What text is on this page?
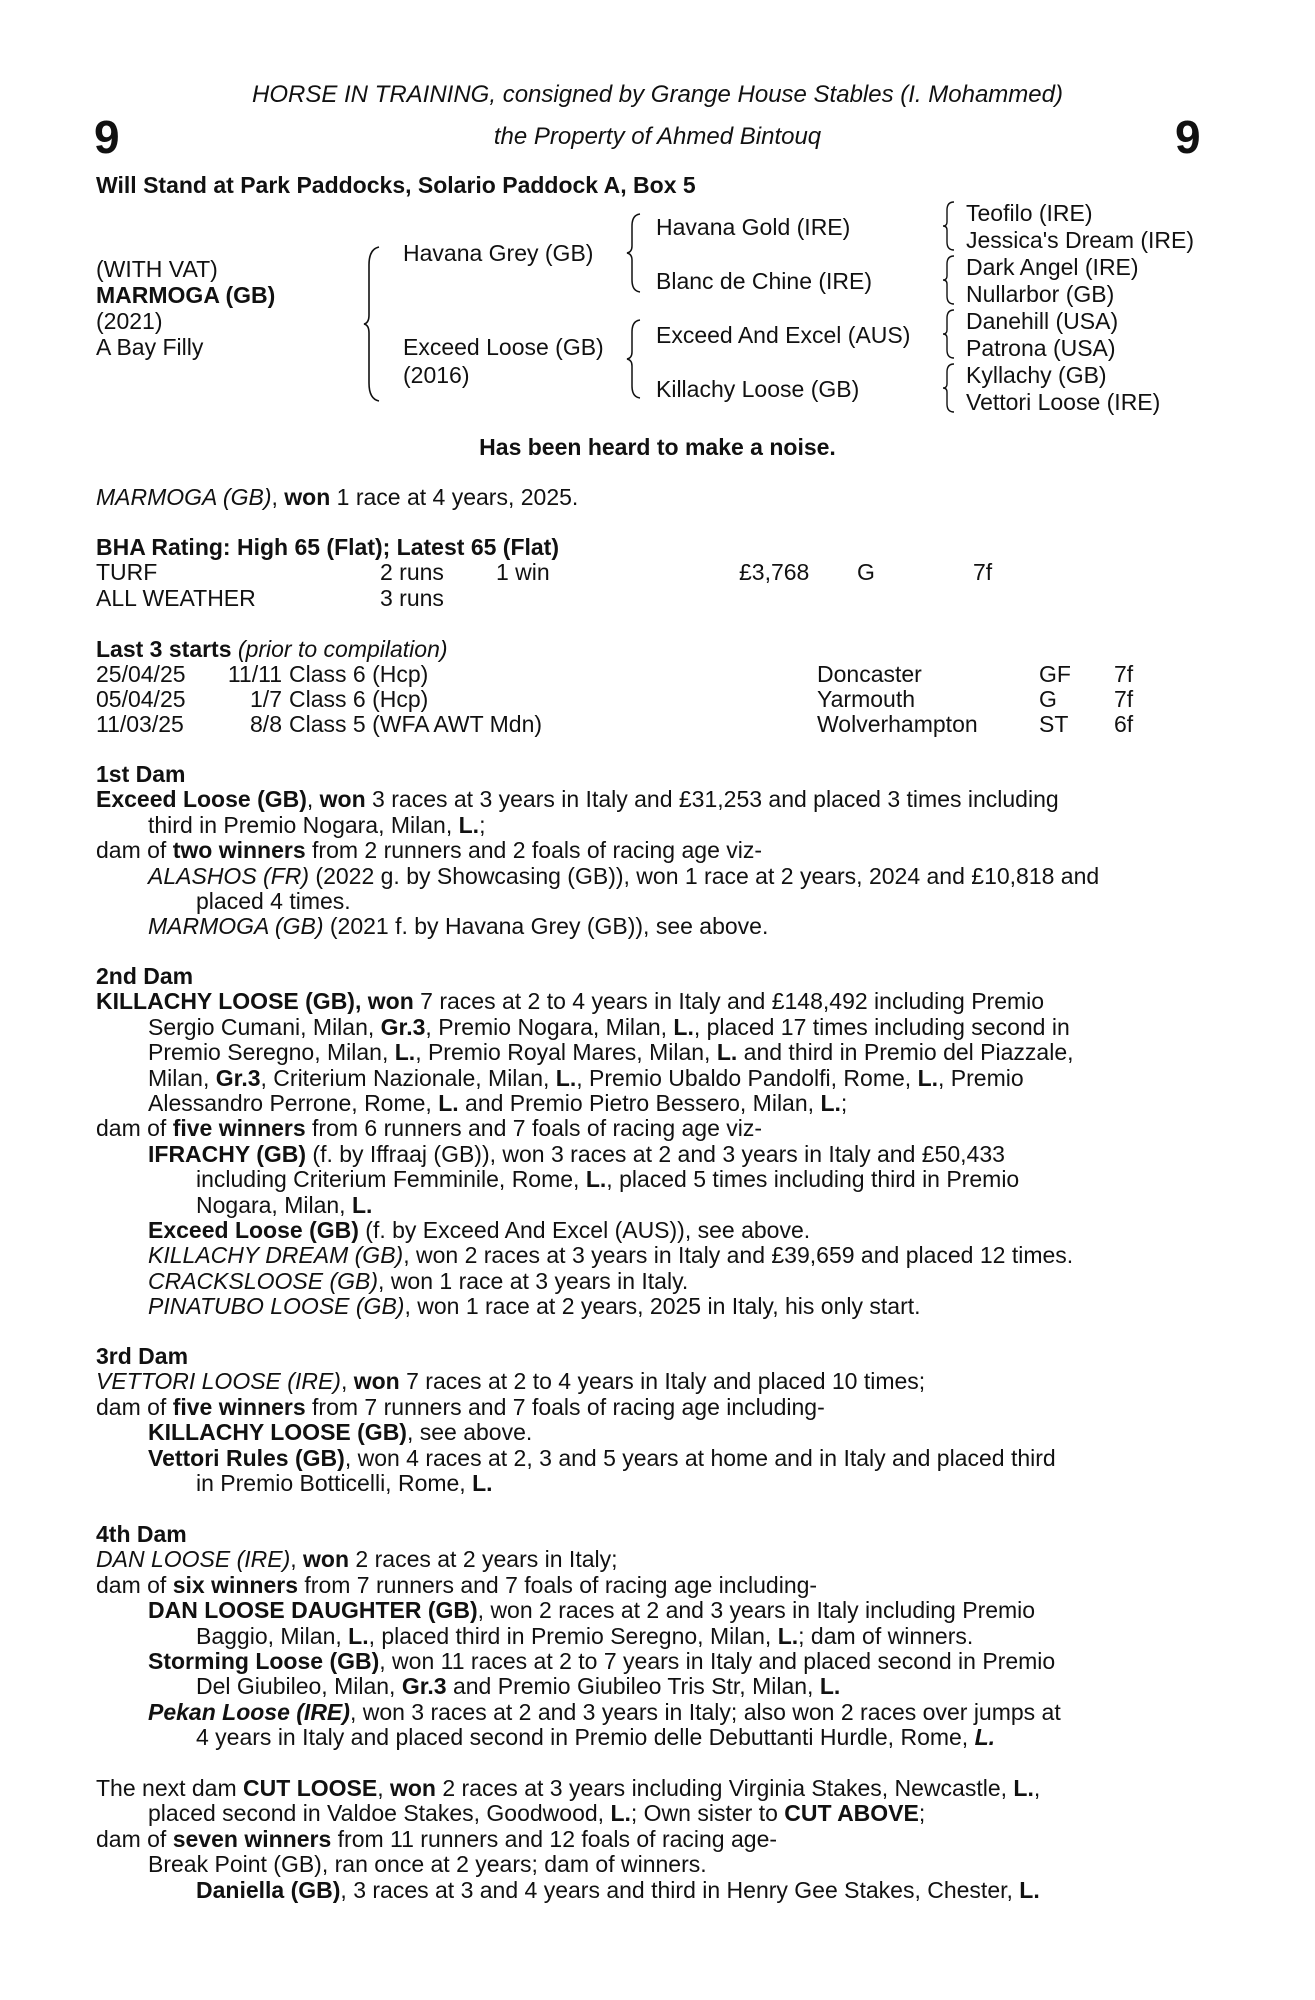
HORSE IN TRAINING, consigned by Grange House Stables (I. Mohammed)
the Property of Ahmed Bintouq
9	9
Will Stand at Park Paddocks, Solario Paddock A, Box 5
(WITH VAT)
MARMOGA (GB)
(2021)
A Bay Filly
Havana Grey (GB)
Exceed Loose (GB)
(2016)
Havana Gold (IRE)
Blanc de Chine (IRE)
Exceed And Excel (AUS)
Killachy Loose (GB)
Teofilo (IRE)
Jessica's Dream (IRE)
Dark Angel (IRE)
Nullarbor (GB)
Danehill (USA)
Patrona (USA)
Kyllachy (GB)
Vettori Loose (IRE)
Has been heard to make a noise.
MARMOGA (GB), won 1 race at 4 years, 2025.
BHA Rating: High 65 (Flat); Latest 65 (Flat)
TURF	2 runs 1 win	£3,768 G	7f
ALL WEATHER	3 runs
Last 3 starts (prior to compilation)
25/04/25	11/11 Class 6 (Hcp)	Doncaster	GF 7f
05/04/25	1/7 Class 6 (Hcp)	Yarmouth	G 7f
11/03/25	8/8 Class 5 (WFA AWT Mdn)	Wolverhampton	ST 6f
1st Dam
Exceed Loose (GB), won 3 races at 3 years in Italy and £31,253 and placed 3 times including
third in Premio Nogara, Milan, L.;
dam of two winners from 2 runners and 2 foals of racing age viz-
ALASHOS (FR) (2022 g. by Showcasing (GB)), won 1 race at 2 years, 2024 and £10,818 and
placed 4 times.
MARMOGA (GB) (2021 f. by Havana Grey (GB)), see above.
2nd Dam
KILLACHY LOOSE (GB), won 7 races at 2 to 4 years in Italy and £148,492 including Premio
Sergio Cumani, Milan, Gr.3, Premio Nogara, Milan, L., placed 17 times including second in
Premio Seregno, Milan, L., Premio Royal Mares, Milan, L. and third in Premio del Piazzale,
Milan, Gr.3, Criterium Nazionale, Milan, L., Premio Ubaldo Pandolfi, Rome, L., Premio
Alessandro Perrone, Rome, L. and Premio Pietro Bessero, Milan, L.;
dam of five winners from 6 runners and 7 foals of racing age viz-
IFRACHY (GB) (f. by Iffraaj (GB)), won 3 races at 2 and 3 years in Italy and £50,433
including Criterium Femminile, Rome, L., placed 5 times including third in Premio
Nogara, Milan, L.
Exceed Loose (GB) (f. by Exceed And Excel (AUS)), see above.
KILLACHY DREAM (GB), won 2 races at 3 years in Italy and £39,659 and placed 12 times.
CRACKSLOOSE (GB), won 1 race at 3 years in Italy.
PINATUBO LOOSE (GB), won 1 race at 2 years, 2025 in Italy, his only start.
3rd Dam
VETTORI LOOSE (IRE), won 7 races at 2 to 4 years in Italy and placed 10 times;
dam of five winners from 7 runners and 7 foals of racing age including-
KILLACHY LOOSE (GB), see above.
Vettori Rules (GB), won 4 races at 2, 3 and 5 years at home and in Italy and placed third
in Premio Botticelli, Rome, L.
4th Dam
DAN LOOSE (IRE), won 2 races at 2 years in Italy;
dam of six winners from 7 runners and 7 foals of racing age including-
DAN LOOSE DAUGHTER (GB), won 2 races at 2 and 3 years in Italy including Premio
Baggio, Milan, L., placed third in Premio Seregno, Milan, L.; dam of winners.
Storming Loose (GB), won 11 races at 2 to 7 years in Italy and placed second in Premio
Del Giubileo, Milan, Gr.3 and Premio Giubileo Tris Str, Milan, L.
Pekan Loose (IRE), won 3 races at 2 and 3 years in Italy; also won 2 races over jumps at
4 years in Italy and placed second in Premio delle Debuttanti Hurdle, Rome, L.
The next dam CUT LOOSE, won 2 races at 3 years including Virginia Stakes, Newcastle, L.,
placed second in Valdoe Stakes, Goodwood, L.; Own sister to CUT ABOVE;
dam of seven winners from 11 runners and 12 foals of racing age-
Break Point (GB), ran once at 2 years; dam of winners.
Daniella (GB), 3 races at 3 and 4 years and third in Henry Gee Stakes, Chester, L.
